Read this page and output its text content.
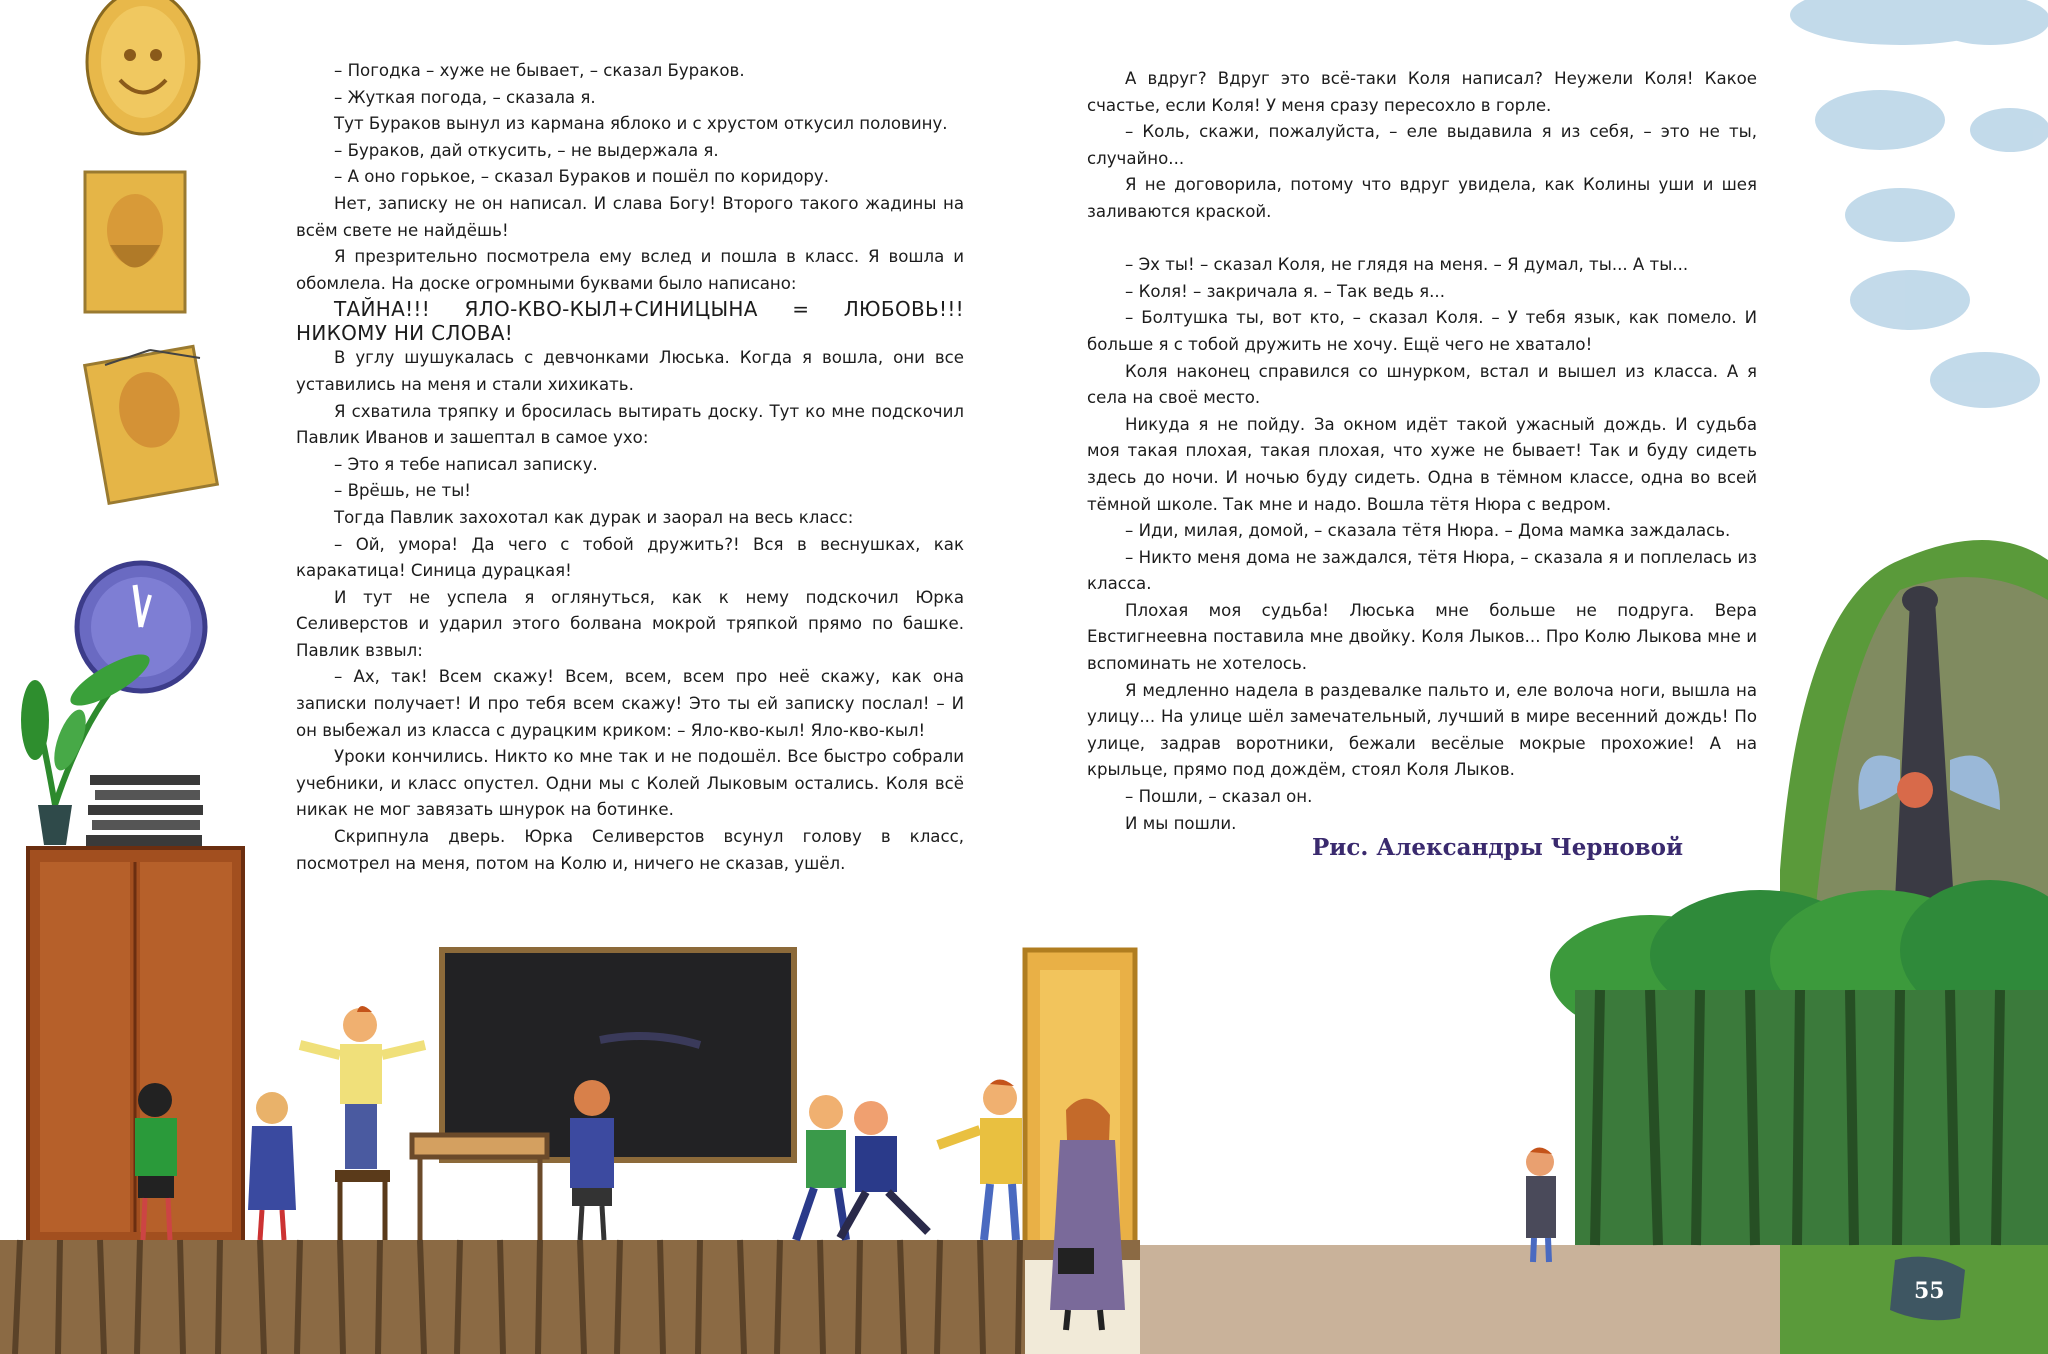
– Погодка – хуже не бывает, – сказал Бураков.

– Жуткая погода, – сказала я.

Тут Бураков вынул из кармана яблоко и с хрустом откусил половину.

– Бураков, дай откусить, – не выдержала я.

– А оно горькое, – сказал Бураков и пошёл по коридору.

Нет, записку не он написал. И слава Богу! Второго такого жадины на всём свете не найдёшь!

Я презрительно посмотрела ему вслед и пошла в класс. Я вошла и обомлела. На доске огромными буквами было написано:

ТАЙНА!!! ЯЛО-КВО-КЫЛ+СИНИЦЫНА = ЛЮБОВЬ!!! НИКОМУ НИ СЛОВА!

В углу шушукалась с девчонками Люська. Когда я вошла, они все уставились на меня и стали хихикать.

Я схватила тряпку и бросилась вытирать доску. Тут ко мне подскочил Павлик Иванов и зашептал в самое ухо:

– Это я тебе написал записку.

– Врёшь, не ты!

Тогда Павлик захохотал как дурак и заорал на весь класс:

– Ой, умора! Да чего с тобой дружить?! Вся в веснушках, как каракатица! Синица дурацкая!

И тут не успела я оглянуться, как к нему подскочил Юрка Селиверстов и ударил этого болвана мокрой тряпкой прямо по башке. Павлик взвыл:

– Ах, так! Всем скажу! Всем, всем, всем про неё скажу, как она записки получает! И про тебя всем скажу! Это ты ей записку послал! – И он выбежал из класса с дурацким криком: – Яло-кво-кыл! Яло-кво-кыл!

Уроки кончились. Никто ко мне так и не подошёл. Все быстро собрали учебники, и класс опустел. Одни мы с Колей Лыковым остались. Коля всё никак не мог завязать шнурок на ботинке.

Скрипнула дверь. Юрка Селиверстов всунул голову в класс, посмотрел на меня, потом на Колю и, ничего не сказав, ушёл.

А вдруг? Вдруг это всё-таки Коля написал? Неужели Коля! Какое счастье, если Коля! У меня сразу пересохло в горле.

– Коль, скажи, пожалуйста, – еле выдавила я из себя, – это не ты, случайно...

Я не договорила, потому что вдруг увидела, как Колины уши и шея заливаются краской.

– Эх ты! – сказал Коля, не глядя на меня. – Я думал, ты... А ты...

– Коля! – закричала я. – Так ведь я...

– Болтушка ты, вот кто, – сказал Коля. – У тебя язык, как помело. И больше я с тобой дружить не хочу. Ещё чего не хватало!

Коля наконец справился со шнурком, встал и вышел из класса. А я села на своё место.

Никуда я не пойду. За окном идёт такой ужасный дождь. И судьба моя такая плохая, такая плохая, что хуже не бывает! Так и буду сидеть здесь до ночи. И ночью буду сидеть. Одна в тёмном классе, одна во всей тёмной школе. Так мне и надо. Вошла тётя Нюра с ведром.

– Иди, милая, домой, – сказала тётя Нюра. – Дома мамка заждалась.

– Никто меня дома не заждался, тётя Нюра, – сказала я и поплелась из класса.

Плохая моя судьба! Люська мне больше не подруга. Вера Евстигнеевна поставила мне двойку. Коля Лыков... Про Колю Лыкова мне и вспоминать не хотелось.

Я медленно надела в раздевалке пальто и, еле волоча ноги, вышла на улицу... На улице шёл замечательный, лучший в мире весенний дождь! По улице, задрав воротники, бежали весёлые мокрые прохожие! А на крыльце, прямо под дождём, стоял Коля Лыков.

– Пошли, – сказал он.

И мы пошли.

Рис. Александры Черновой
55
